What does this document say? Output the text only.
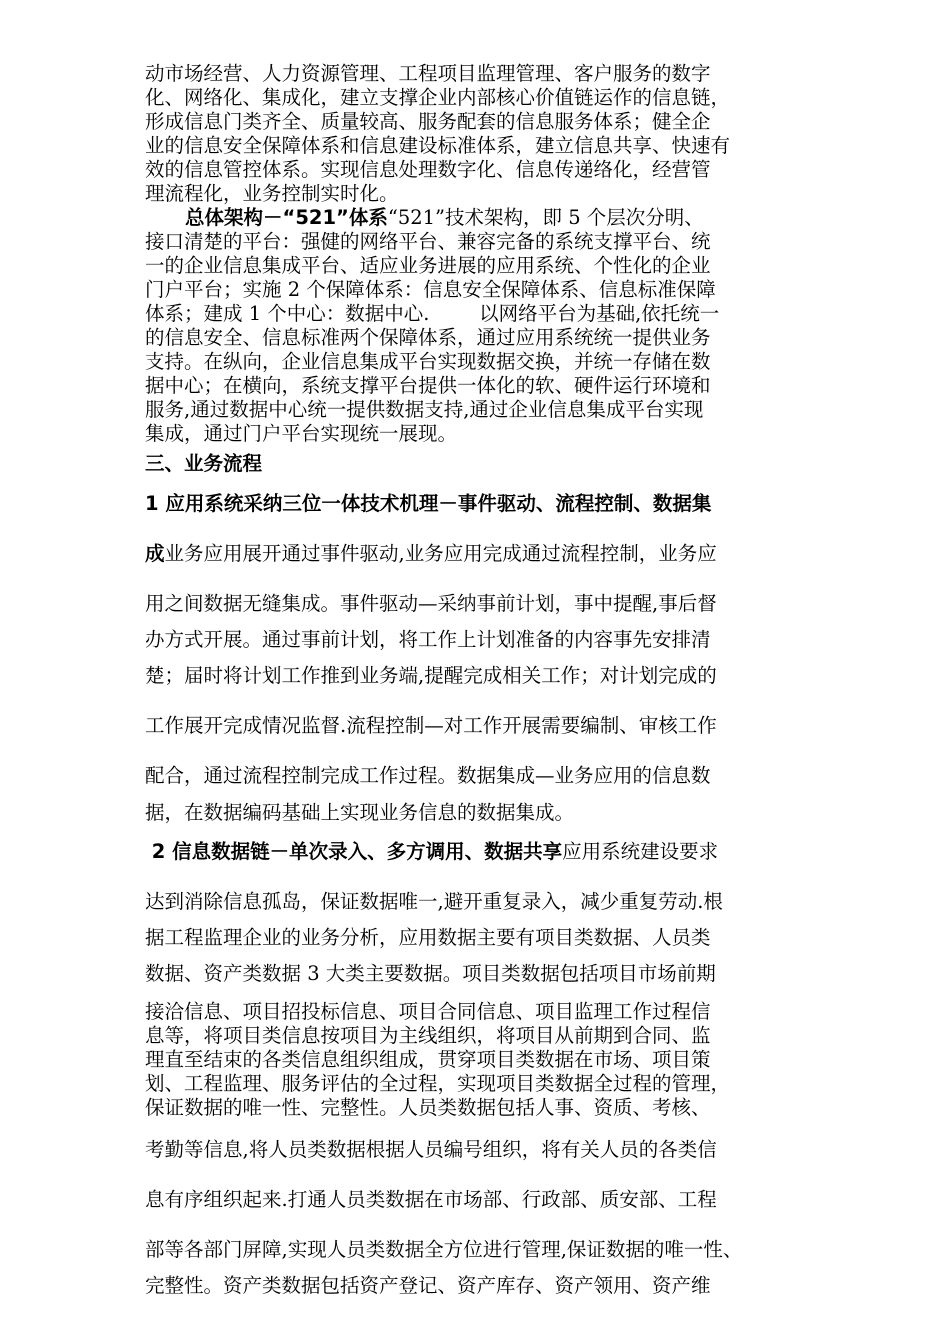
动市场经营、人力资源管理、工程项目监理管理、客户服务的数字
化、网络化、集成化，建立支撑企业内部核心价值链运作的信息链，
形成信息门类齐全、质量较高、服务配套的信息服务体系；健全企
业的信息安全保障体系和信息建设标准体系，建立信息共享、快速有
效的信息管控体系。实现信息处理数字化、信息传递络化，经营管
理流程化，业务控制实时化。
总体架构－“521”体系“521”技术架构，即 5 个层次分明、
接口清楚的平台：强健的网络平台、兼容完备的系统支撑平台、统
一的企业信息集成平台、适应业务进展的应用系统、个性化的企业
门户平台；实施 2 个保障体系：信息安全保障体系、信息标准保障
体系；建成 1 个中心：数据中心.        以网络平台为基础,依托统一
的信息安全、信息标准两个保障体系，通过应用系统统一提供业务
支持。在纵向，企业信息集成平台实现数据交换，并统一存储在数
据中心；在横向，系统支撑平台提供一体化的软、硬件运行环境和
服务,通过数据中心统一提供数据支持,通过企业信息集成平台实现
集成，通过门户平台实现统一展现。
三、业务流程
1 应用系统采纳三位一体技术机理－事件驱动、流程控制、数据集
成业务应用展开通过事件驱动,业务应用完成通过流程控制，业务应
用之间数据无缝集成。事件驱动—采纳事前计划，事中提醒,事后督
办方式开展。通过事前计划，将工作上计划准备的内容事先安排清
楚；届时将计划工作推到业务端,提醒完成相关工作；对计划完成的
工作展开完成情况监督.流程控制—对工作开展需要编制、审核工作
配合，通过流程控制完成工作过程。数据集成—业务应用的信息数
据，在数据编码基础上实现业务信息的数据集成。
2 信息数据链－单次录入、多方调用、数据共享应用系统建设要求
达到消除信息孤岛，保证数据唯一,避开重复录入，减少重复劳动.根
据工程监理企业的业务分析，应用数据主要有项目类数据、人员类
数据、资产类数据 3 大类主要数据。项目类数据包括项目市场前期
接洽信息、项目招投标信息、项目合同信息、项目监理工作过程信
息等，将项目类信息按项目为主线组织，将项目从前期到合同、监
理直至结束的各类信息组织组成，贯穿项目类数据在市场、项目策
划、工程监理、服务评估的全过程，实现项目类数据全过程的管理，
保证数据的唯一性、完整性。人员类数据包括人事、资质、考核、
考勤等信息,将人员类数据根据人员编号组织，将有关人员的各类信
息有序组织起来.打通人员类数据在市场部、行政部、质安部、工程
部等各部门屏障,实现人员类数据全方位进行管理,保证数据的唯一性、
完整性。资产类数据包括资产登记、资产库存、资产领用、资产维
